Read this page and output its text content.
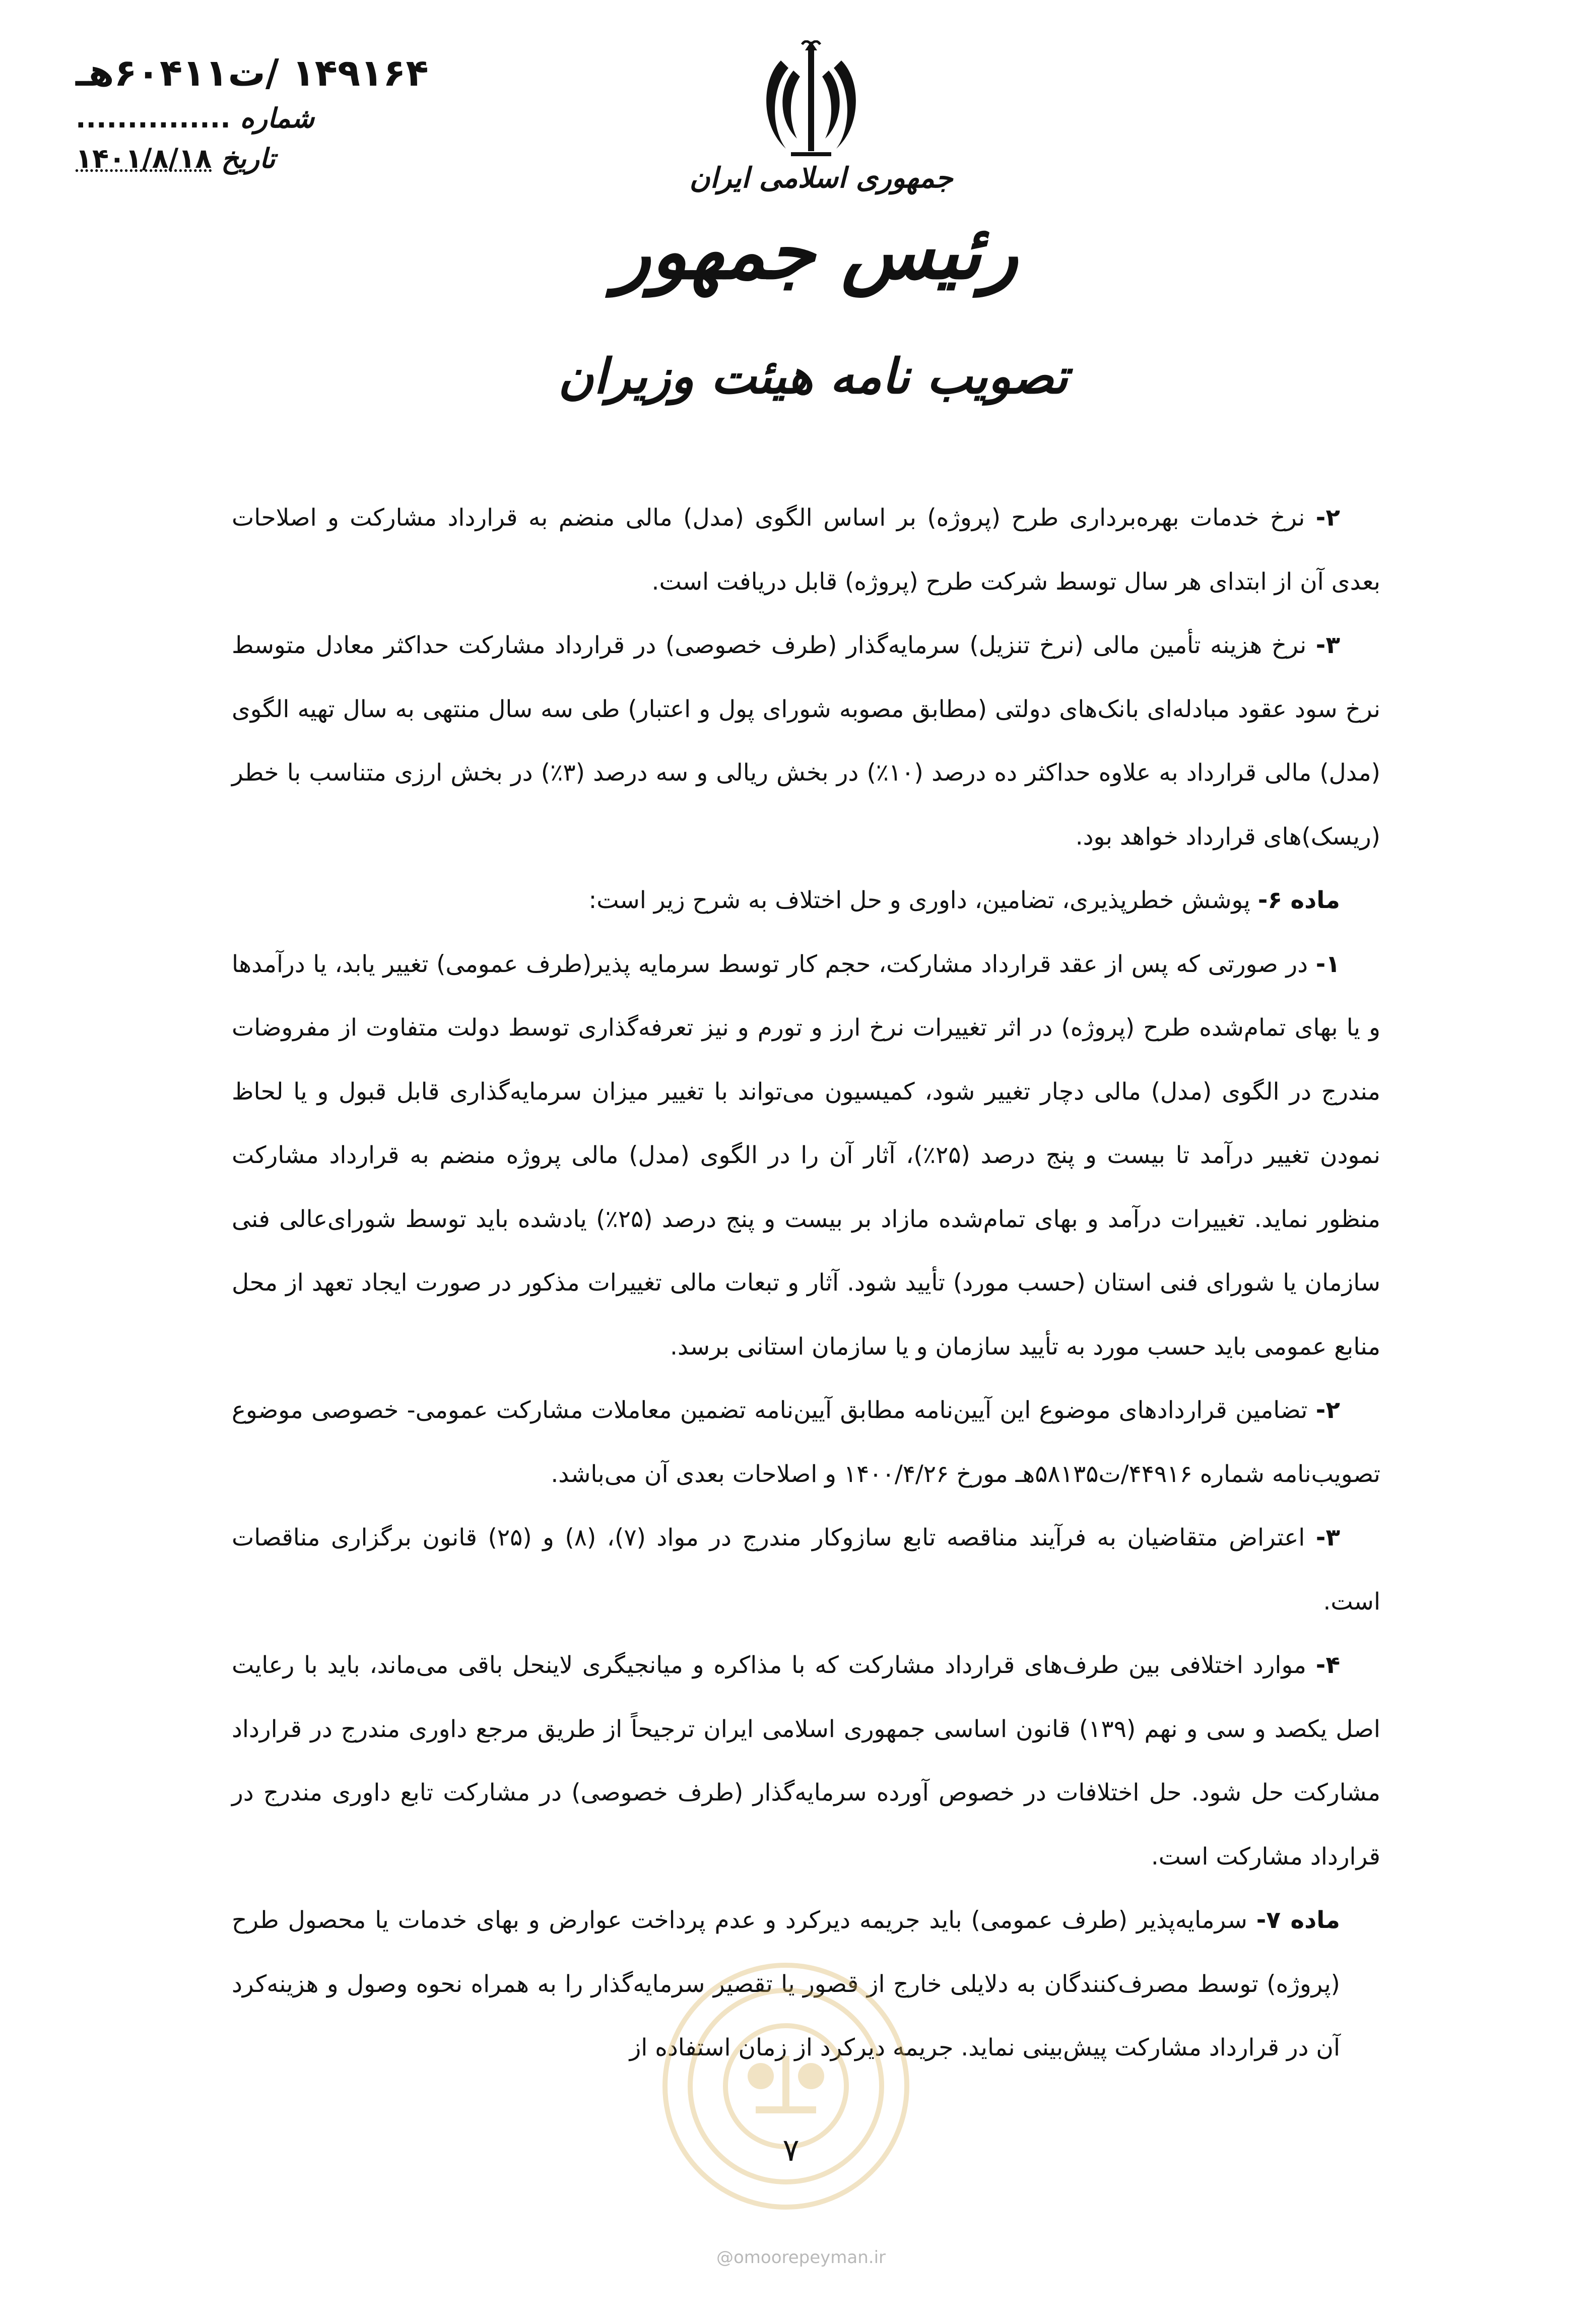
۱۴۹۱۶۴ /ت۶۰۴۱۱هـ
شماره ...............
تاریخ ۱۴۰۱/۸/۱۸
جمهوری اسلامی ایران
رئیس جمهور
تصویب نامه هیئت وزیران

۲- نرخ خدمات بهره‌برداری طرح (پروژه) بر اساس الگوی (مدل) مالی منضم به قرارداد مشارکت و اصلاحات بعدی آن از ابتدای هر سال توسط شرکت طرح (پروژه) قابل دریافت است.

۳- نرخ هزینه تأمین مالی (نرخ تنزیل) سرمایه‌گذار (طرف خصوصی) در قرارداد مشارکت حداکثر معادل متوسط نرخ سود عقود مبادله‌ای بانک‌های دولتی (مطابق مصوبه شورای پول و اعتبار) طی سه سال منتهی به سال تهیه الگوی (مدل) مالی قرارداد به علاوه حداکثر ده درصد (۱۰٪) در بخش ریالی و سه درصد (۳٪) در بخش ارزی متناسب با خطر (ریسک)‌های قرارداد خواهد بود.

ماده ۶- پوشش خطرپذیری، تضامین، داوری و حل اختلاف به شرح زیر است:

۱- در صورتی که پس از عقد قرارداد مشارکت، حجم کار توسط سرمایه پذیر(طرف عمومی) تغییر یابد، یا درآمدها و یا بهای تمام‌شده طرح (پروژه) در اثر تغییرات نرخ ارز و تورم و نیز تعرفه‌گذاری توسط دولت متفاوت از مفروضات مندرج در الگوی (مدل) مالی دچار تغییر شود، کمیسیون می‌تواند با تغییر میزان سرمایه‌گذاری قابل قبول و یا لحاظ نمودن تغییر درآمد تا بیست و پنج درصد (۲۵٪)، آثار آن را در الگوی (مدل) مالی پروژه منضم به قرارداد مشارکت منظور نماید. تغییرات درآمد و بهای تمام‌شده مازاد بر بیست و پنج درصد (۲۵٪) یادشده باید توسط شورای‌عالی فنی سازمان یا شورای فنی استان (حسب مورد) تأیید شود. آثار و تبعات مالی تغییرات مذکور در صورت ایجاد تعهد از محل منابع عمومی باید حسب مورد به تأیید سازمان و یا سازمان استانی برسد.

۲- تضامین قراردادهای موضوع این آیین‌نامه مطابق آیین‌نامه تضمین معاملات مشارکت عمومی- خصوصی موضوع تصویب‌نامه شماره ۴۴۹۱۶/ت۵۸۱۳۵هـ مورخ ۱۴۰۰/۴/۲۶ و اصلاحات بعدی آن می‌باشد.

۳- اعتراض متقاضیان به فرآیند مناقصه تابع سازوکار مندرج در مواد (۷)، (۸) و (۲۵) قانون برگزاری مناقصات است.

۴- موارد اختلافی بین طرف‌های قرارداد مشارکت که با مذاکره و میانجیگری لاینحل باقی می‌ماند، باید با رعایت اصل یکصد و سی و نهم (۱۳۹) قانون اساسی جمهوری اسلامی ایران ترجیحاً از طریق مرجع داوری مندرج در قرارداد مشارکت حل شود. حل اختلافات در خصوص آورده سرمایه‌گذار (طرف خصوصی) در مشارکت تابع داوری مندرج در قرارداد مشارکت است.

ماده ۷- سرمایه‌پذیر (طرف عمومی) باید جریمه دیرکرد و عدم پرداخت عوارض و بهای خدمات یا محصول طرح (پروژه) توسط مصرف‌کنندگان به دلایلی خارج از قصور یا تقصیر سرمایه‌گذار را به همراه نحوه وصول و هزینه‌کرد آن در قرارداد مشارکت پیش‌بینی نماید. جریمه دیرکرد از زمان استفاده از

۷
@omoorepeyman.ir
